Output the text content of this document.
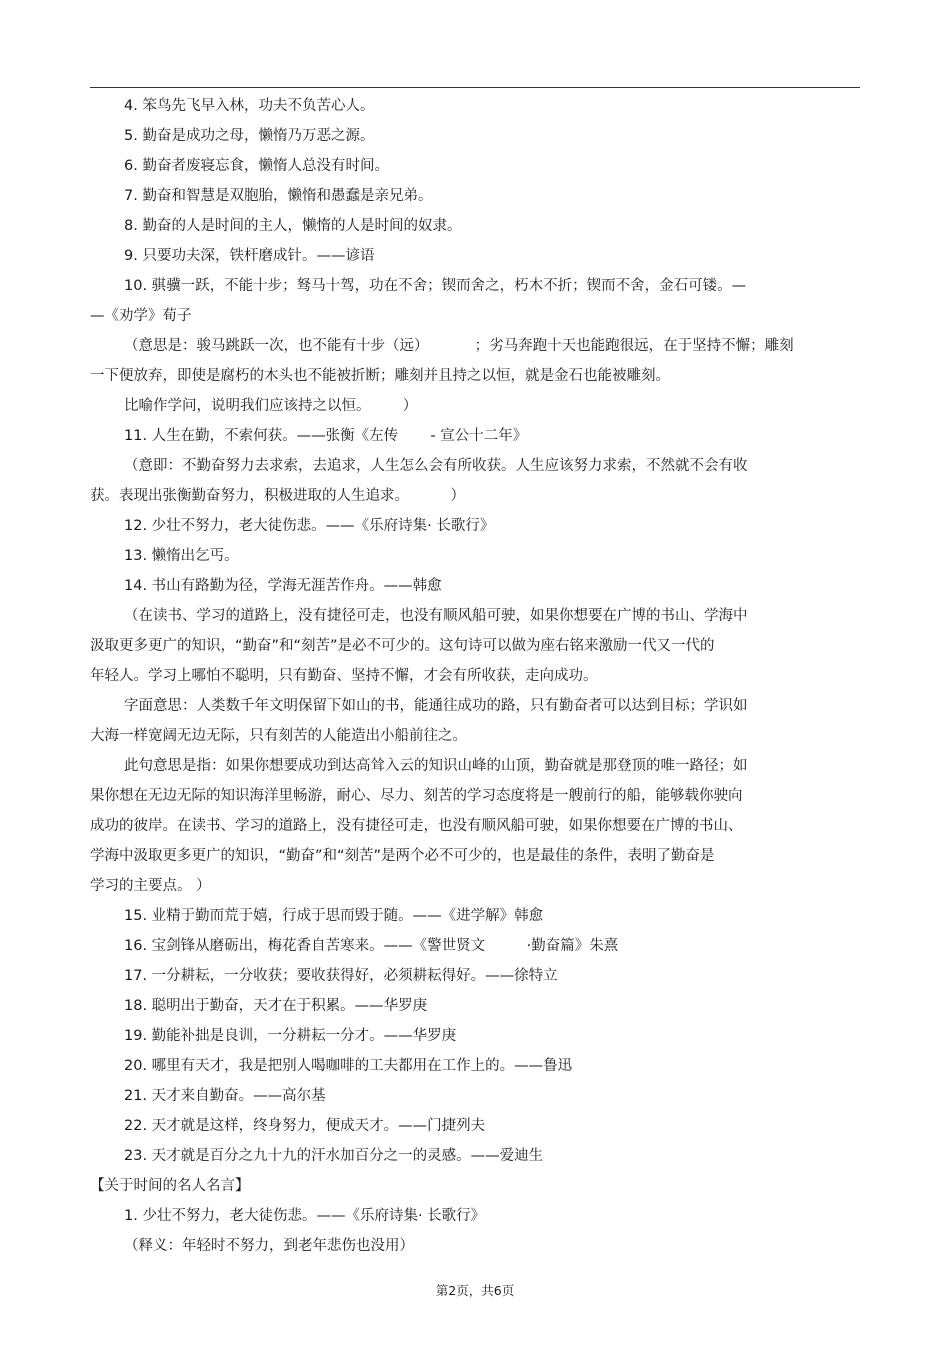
4. 笨鸟先飞早入林，功夫不负苦心人。
5. 勤奋是成功之母，懒惰乃万恶之源。
6. 勤奋者废寝忘食，懒惰人总没有时间。
7. 勤奋和智慧是双胞胎，懒惰和愚蠢是亲兄弟。
8. 勤奋的人是时间的主人，懒惰的人是时间的奴隶。
9. 只要功夫深，铁杆磨成针。——谚语
10. 骐骥一跃，不能十步；驽马十驾，功在不舍；锲而舍之，朽木不折；锲而不舍，金石可镂。—
—《劝学》荀子
（意思是：骏马跳跃一次，也不能有十步（远）          ；劣马奔跑十天也能跑很远，在于坚持不懈；雕刻
一下便放弃，即使是腐朽的木头也不能被折断；雕刻并且持之以恒，就是金石也能被雕刻。
比喻作学问，说明我们应该持之以恒。       ）
11. 人生在勤，不索何获。——张衡《左传       - 宣公十二年》
（意即：不勤奋努力去求索，去追求，人生怎么会有所收获。人生应该努力求索，不然就不会有收
获。表现出张衡勤奋努力，积极进取的人生追求。         ）
12. 少壮不努力，老大徒伤悲。——《乐府诗集· 长歌行》
13. 懒惰出乞丐。
14. 书山有路勤为径，学海无涯苦作舟。——韩愈
（在读书、学习的道路上，没有捷径可走，也没有顺风船可驶，如果你想要在广博的书山、学海中
汲取更多更广的知识，“勤奋”和“刻苦”是必不可少的。这句诗可以做为座右铭来激励一代又一代的
年轻人。学习上哪怕不聪明，只有勤奋、坚持不懈，才会有所收获，走向成功。
字面意思：人类数千年文明保留下如山的书，能通往成功的路，只有勤奋者可以达到目标；学识如
大海一样宽阔无边无际，只有刻苦的人能造出小船前往之。
此句意思是指：如果你想要成功到达高耸入云的知识山峰的山顶，勤奋就是那登顶的唯一路径；如
果你想在无边无际的知识海洋里畅游，耐心、尽力、刻苦的学习态度将是一艘前行的船，能够载你驶向
成功的彼岸。在读书、学习的道路上，没有捷径可走，也没有顺风船可驶，如果你想要在广博的书山、
学海中汲取更多更广的知识，“勤奋”和“刻苦”是两个必不可少的，也是最佳的条件，表明了勤奋是
学习的主要点。 ）
15. 业精于勤而荒于嬉，行成于思而毁于随。——《进学解》韩愈
16. 宝剑锋从磨砺出，梅花香自苦寒来。——《警世贤文         ·勤奋篇》朱熹
17. 一分耕耘，一分收获；要收获得好，必须耕耘得好。——徐特立
18. 聪明出于勤奋，天才在于积累。——华罗庚
19. 勤能补拙是良训，一分耕耘一分才。——华罗庚
20. 哪里有天才，我是把别人喝咖啡的工夫都用在工作上的。——鲁迅
21. 天才来自勤奋。——高尔基
22. 天才就是这样，终身努力，便成天才。——门捷列夫
23. 天才就是百分之九十九的汗水加百分之一的灵感。——爱迪生
【关于时间的名人名言】
1. 少壮不努力，老大徒伤悲。——《乐府诗集· 长歌行》
（释义：年轻时不努力，到老年悲伤也没用）
第2页，共6页
